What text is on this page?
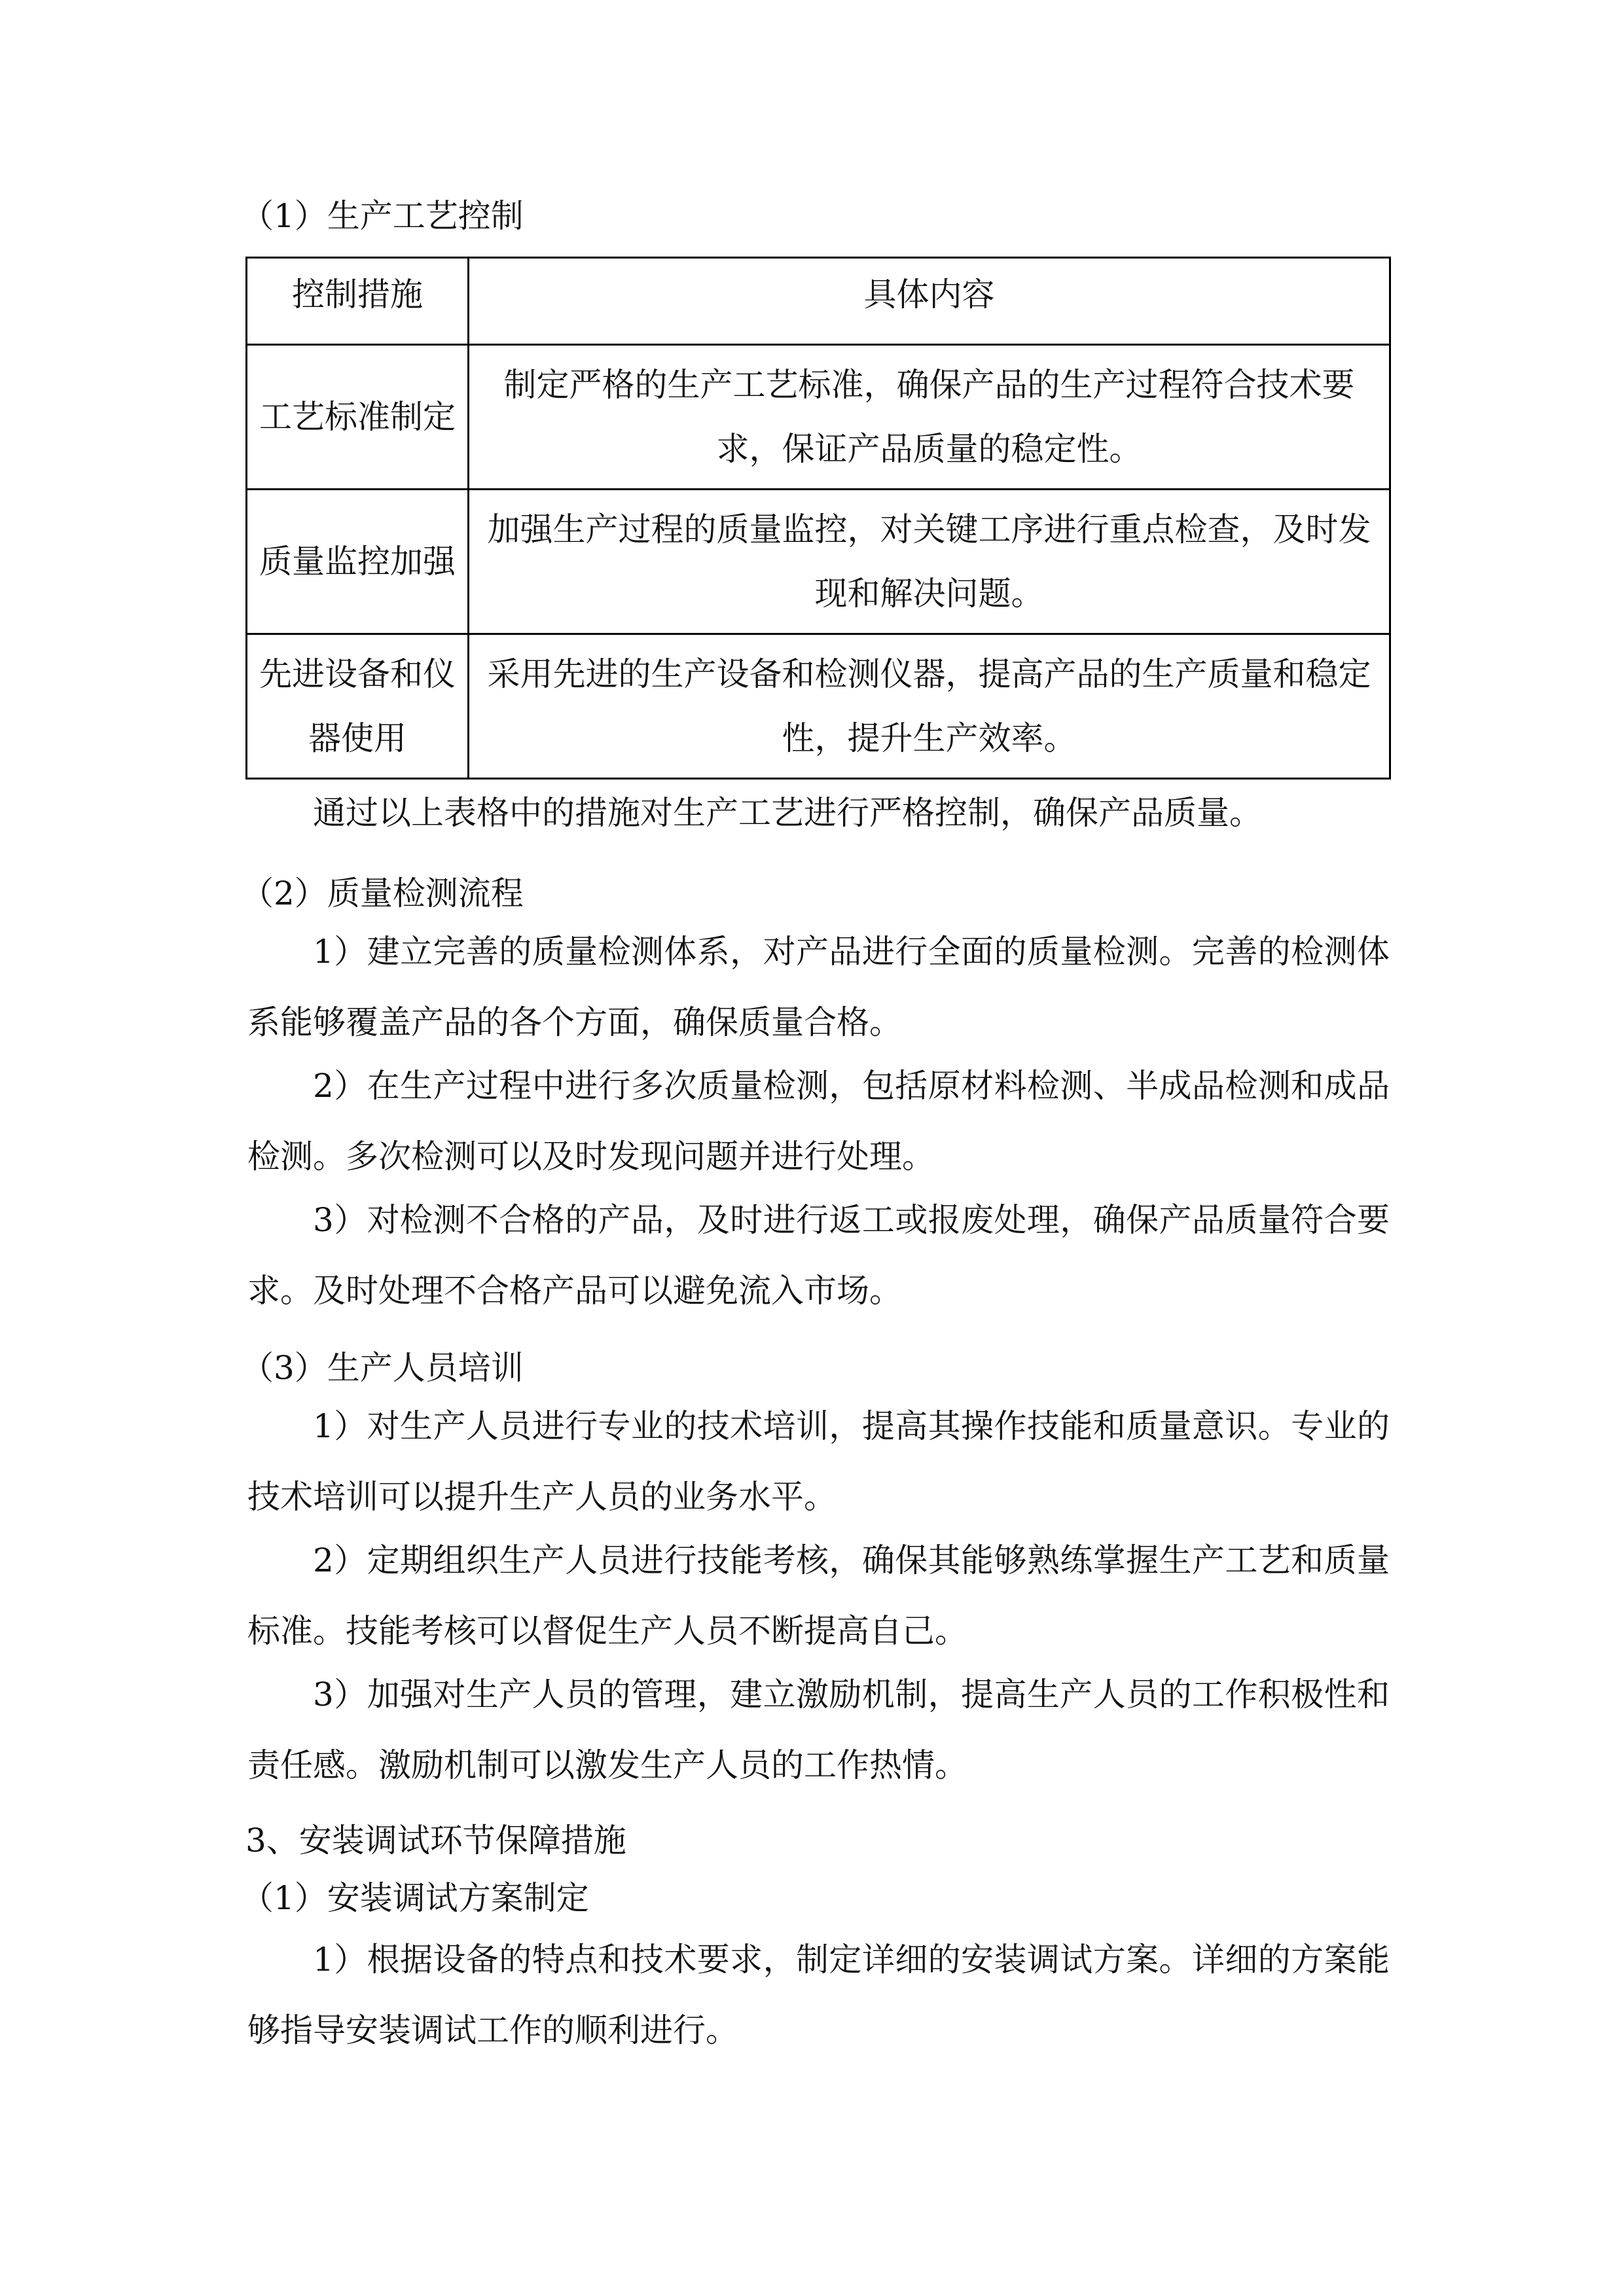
（1）生产工艺控制
控制措施	具体内容
工艺标准制定	制定严格的生产工艺标准，确保产品的生产过程符合技术要求，保证产品质量的稳定性。
质量监控加强	加强生产过程的质量监控，对关键工序进行重点检查，及时发现和解决问题。
先进设备和仪器使用	采用先进的生产设备和检测仪器，提高产品的生产质量和稳定性，提升生产效率。
通过以上表格中的措施对生产工艺进行严格控制，确保产品质量。
（2）质量检测流程
1）建立完善的质量检测体系，对产品进行全面的质量检测。完善的检测体系能够覆盖产品的各个方面，确保质量合格。
2）在生产过程中进行多次质量检测，包括原材料检测、半成品检测和成品检测。多次检测可以及时发现问题并进行处理。
3）对检测不合格的产品，及时进行返工或报废处理，确保产品质量符合要求。及时处理不合格产品可以避免流入市场。
（3）生产人员培训
1）对生产人员进行专业的技术培训，提高其操作技能和质量意识。专业的技术培训可以提升生产人员的业务水平。
2）定期组织生产人员进行技能考核，确保其能够熟练掌握生产工艺和质量标准。技能考核可以督促生产人员不断提高自己。
3）加强对生产人员的管理，建立激励机制，提高生产人员的工作积极性和责任感。激励机制可以激发生产人员的工作热情。
3、安装调试环节保障措施
（1）安装调试方案制定
1）根据设备的特点和技术要求，制定详细的安装调试方案。详细的方案能够指导安装调试工作的顺利进行。
